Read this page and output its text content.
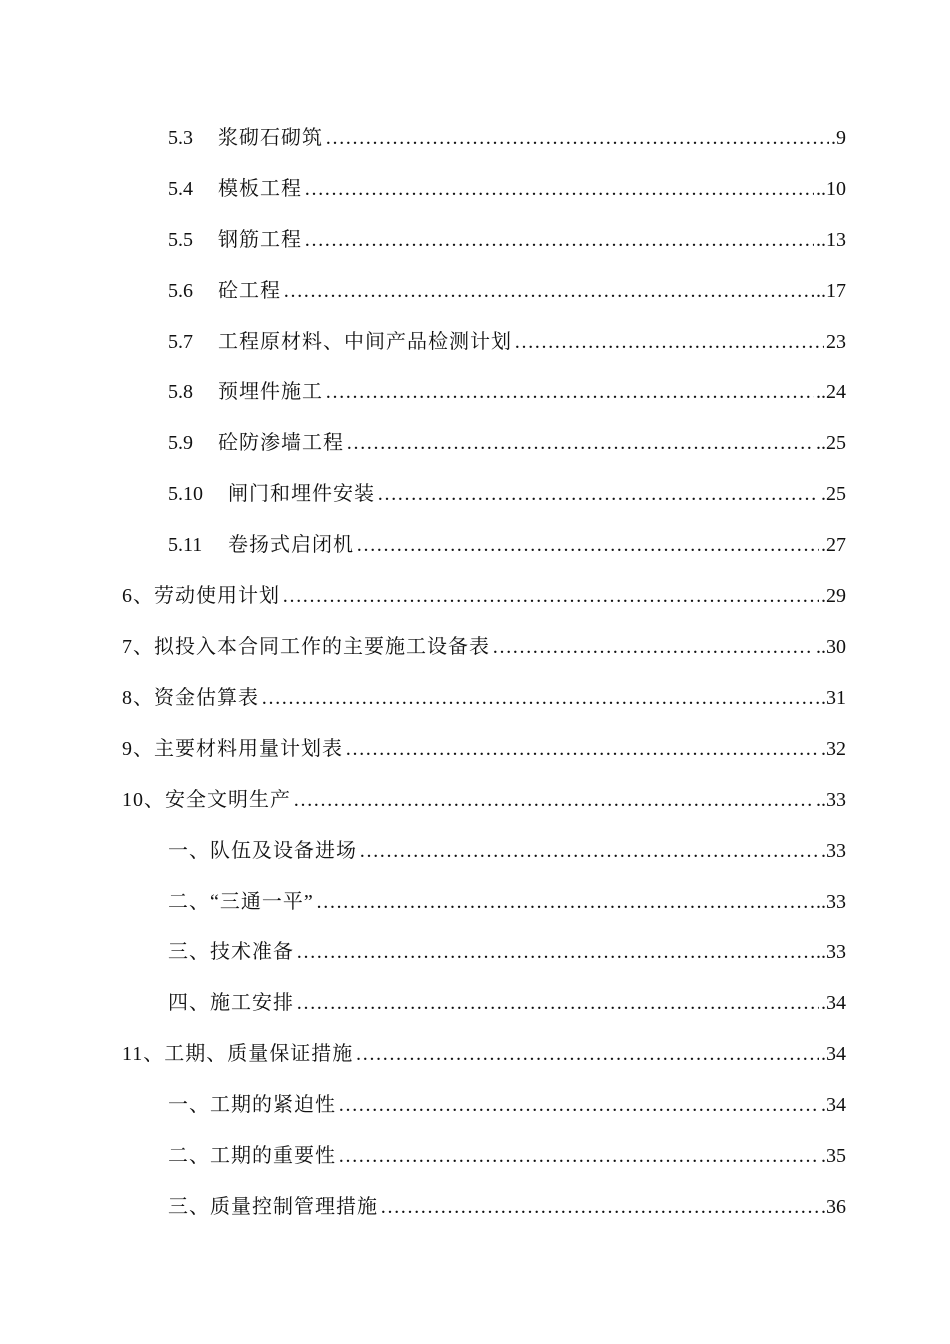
5.3	浆砌石砌筑 …………………………………………………………………………………………………………………………………………………………………………………………………	.9
5.4	模板工程 …………………………………………………………………………………………………………………………………………………………………………………………………	..10
5.5	钢筋工程 …………………………………………………………………………………………………………………………………………………………………………………………………	..13
5.6	砼工程 …………………………………………………………………………………………………………………………………………………………………………………………………	..17
5.7	工程原材料、中间产品检测计划 …………………………………………………………………………………………………………………………………………………………………………………………………	23
5.8	预埋件施工 …………………………………………………………………………………………………………………………………………………………………………………………………	..24
5.9	砼防渗墙工程 …………………………………………………………………………………………………………………………………………………………………………………………………	..25
5.10	闸门和埋件安装 …………………………………………………………………………………………………………………………………………………………………………………………………	.25
5.11	卷扬式启闭机 …………………………………………………………………………………………………………………………………………………………………………………………………	.27
6、劳动使用计划 …………………………………………………………………………………………………………………………………………………………………………………………………	.29
7、拟投入本合同工作的主要施工设备表 …………………………………………………………………………………………………………………………………………………………………………………………………	..30
8、资金估算表 …………………………………………………………………………………………………………………………………………………………………………………………………	.31
9、主要材料用量计划表 …………………………………………………………………………………………………………………………………………………………………………………………………	.32
10、安全文明生产 …………………………………………………………………………………………………………………………………………………………………………………………………	..33
一、队伍及设备进场 …………………………………………………………………………………………………………………………………………………………………………………………………	.33
二、“三通一平” …………………………………………………………………………………………………………………………………………………………………………………………………	..33
三、技术准备 …………………………………………………………………………………………………………………………………………………………………………………………………	..33
四、施工安排 …………………………………………………………………………………………………………………………………………………………………………………………………	.34
11、工期、质量保证措施 …………………………………………………………………………………………………………………………………………………………………………………………………	.34
一、工期的紧迫性 …………………………………………………………………………………………………………………………………………………………………………………………………	.34
二、工期的重要性 …………………………………………………………………………………………………………………………………………………………………………………………………	.35
三、质量控制管理措施 …………………………………………………………………………………………………………………………………………………………………………………………………	.36
